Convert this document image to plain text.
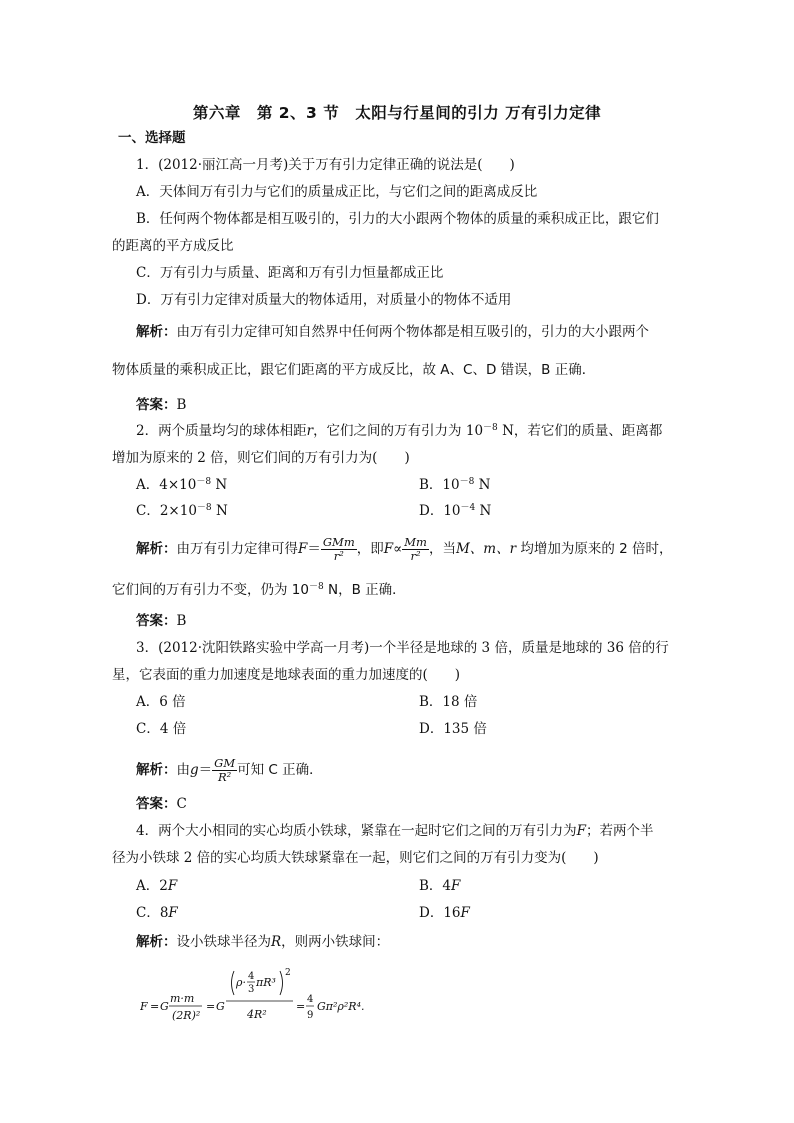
第六章　第 2、3 节　太阳与行星间的引力 万有引力定律
一、选择题
1．(2012·丽江高一月考)关于万有引力定律正确的说法是(　　)
A．天体间万有引力与它们的质量成正比，与它们之间的距离成反比
B．任何两个物体都是相互吸引的，引力的大小跟两个物体的质量的乘积成正比，跟它们
的距离的平方成反比
C．万有引力与质量、距离和万有引力恒量都成正比
D．万有引力定律对质量大的物体适用，对质量小的物体不适用
解析：由万有引力定律可知自然界中任何两个物体都是相互吸引的，引力的大小跟两个
物体质量的乘积成正比，跟它们距离的平方成反比，故 A、C、D 错误，B 正确．
答案：B
2．两个质量均匀的球体相距r，它们之间的万有引力为 $10^{-8}$ N，若它们的质量、距离都
增加为原来的 2 倍，则它们间的万有引力为(　　)
A．$4\times 10^{-8}$ N	B．$10^{-8}$ N
C．$2\times 10^{-8}$ N	D．$10^{-4}$ N
解析：由万有引力定律可得$F= \frac{\text{GMm}}{\text{r²}}$ ，即$F\propto \frac{Mm}{\text{r²}}$ ，当M、m、r 均增加为原来的 2 倍时，
它们间的万有引力不变，仍为 $10^{-8}$ N，B 正确．
答案：B
3．(2012·沈阳铁路实验中学高一月考)一个半径是地球的 3 倍，质量是地球的 36 倍的行
星，它表面的重力加速度是地球表面的重力加速度的(　　)
A．6 倍	B．18 倍
C．4 倍	D．135 倍
解析：由$g= \frac{GM}{\text{R²}}$ 可知 C 正确．
答案：C
4．两个大小相同的实心均质小铁球，紧靠在一起时它们之间的万有引力为F；若两个半
径为小铁球 2 倍的实心均质大铁球紧靠在一起，则它们之间的万有引力变为(　　)
A．2F	B．4F
C．8F	D．16F
解析：设小铁球半径为R，则两小铁球间：
F = G
m·m
(2R)²
= G
ρ· 4
3
πR³
2
4R²
=
4
9
Gπ²ρ²R⁴.
